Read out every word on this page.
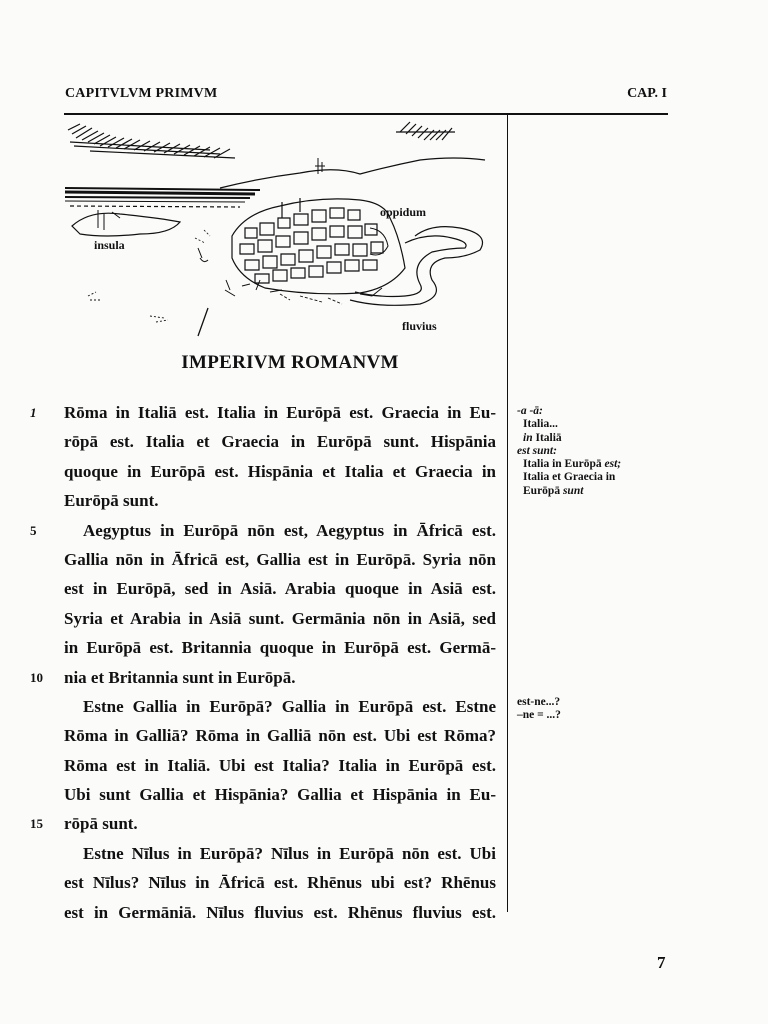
CAPITVLVM PRIMVM	CAP. I
insula
oppidum
fluvius
IMPERIVM ROMANVM
1	Rōma in Italiā est. Italia in Eurōpā est. Graecia in Eu-
rōpā est. Italia et Graecia in Eurōpā sunt. Hispānia
quoque in Eurōpā est. Hispānia et Italia et Graecia in
Eurōpā sunt.
5	Aegyptus in Eurōpā nōn est, Aegyptus in Āfricā est.
Gallia nōn in Āfricā est, Gallia est in Eurōpā. Syria nōn
est in Eurōpā, sed in Asiā. Arabia quoque in Asiā est.
Syria et Arabia in Asiā sunt. Germānia nōn in Asiā, sed
in Eurōpā est. Britannia quoque in Eurōpā est. Germā-
10	nia et Britannia sunt in Eurōpā.
Estne Gallia in Eurōpā? Gallia in Eurōpā est. Estne
Rōma in Galliā? Rōma in Galliā nōn est. Ubi est Rōma?
Rōma est in Italiā. Ubi est Italia? Italia in Eurōpā est.
Ubi sunt Gallia et Hispānia? Gallia et Hispānia in Eu-
15	rōpā sunt.
Estne Nīlus in Eurōpā? Nīlus in Eurōpā nōn est. Ubi
est Nīlus? Nīlus in Āfricā est. Rhēnus ubi est? Rhēnus
est in Germāniā. Nīlus fluvius est. Rhēnus fluvius est.
-a -ā:
Italia...
in Italiā
est sunt:
Italia in Eurōpā est;
Italia et Graecia in
Eurōpā sunt
est-ne...?
–ne = ...?
7
